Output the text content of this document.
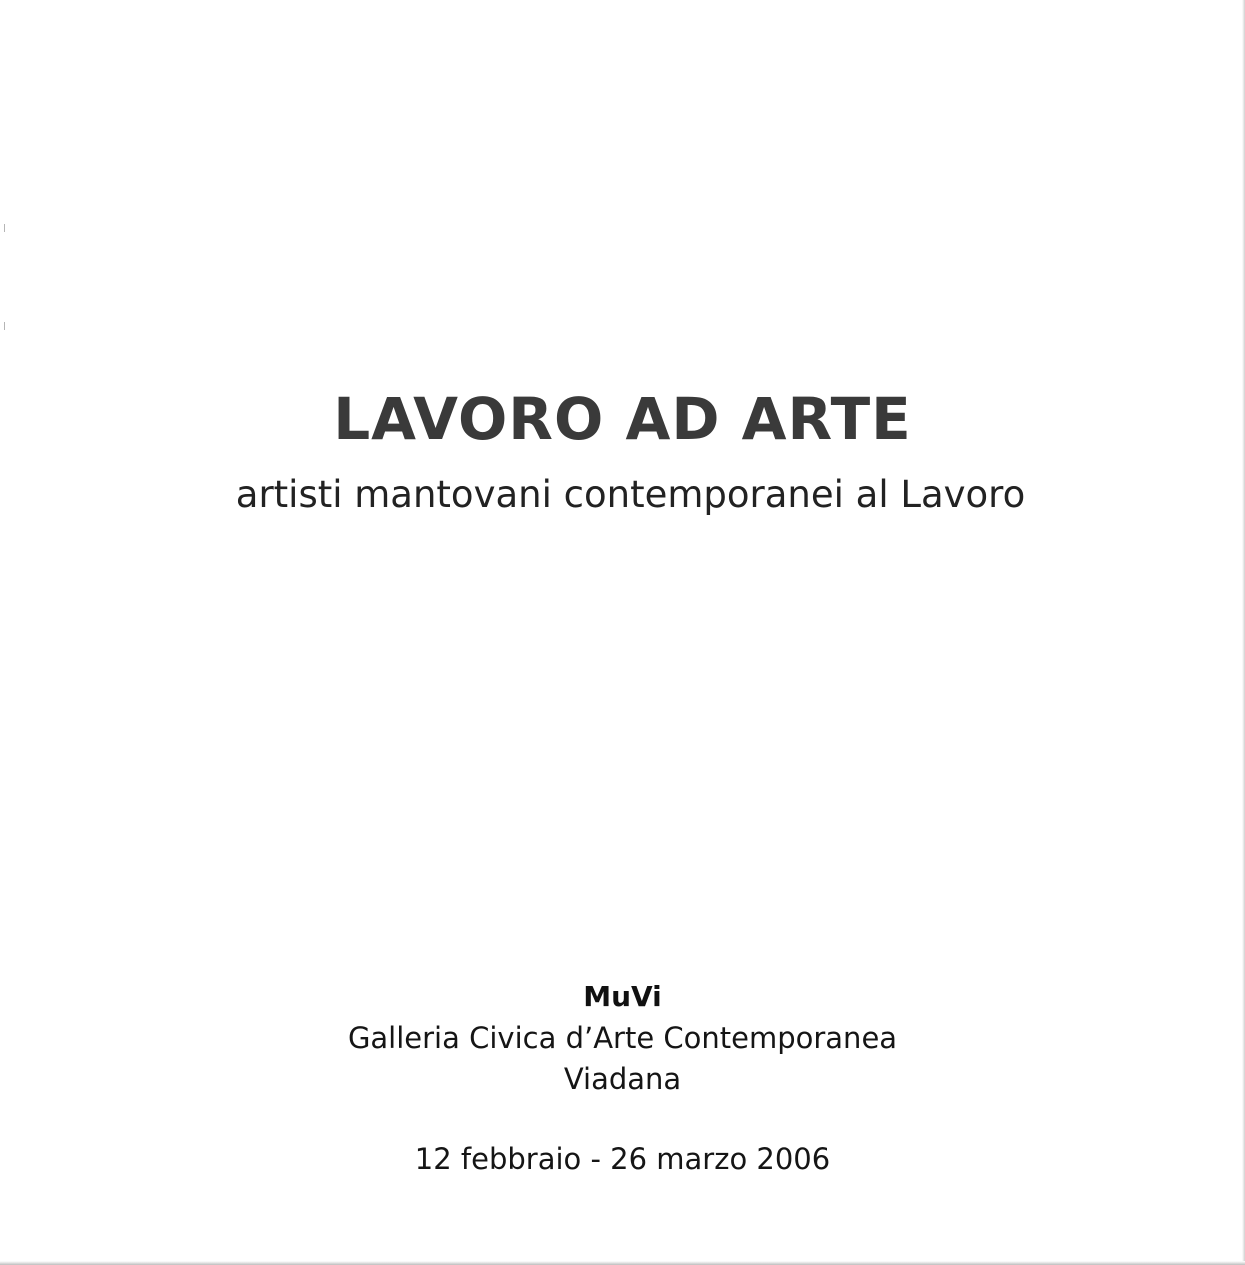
LAVORO AD ARTE
artisti mantovani contemporanei al Lavoro
MuVi
Galleria Civica d’Arte Contemporanea
Viadana
12 febbraio - 26 marzo 2006
